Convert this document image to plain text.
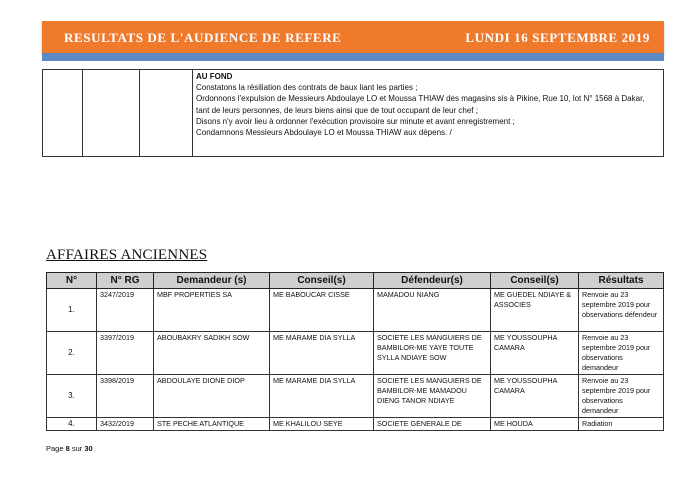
RESULTATS DE L'AUDIENCE DE REFERE	LUNDI 16 SEPTEMBRE 2019

AU FOND
Constatons la résiliation des contrats de baux liant les parties ;
Ordonnons l'expulsion de Messieurs Abdoulaye LO et Moussa THIAW des magasins sis à Pikine, Rue 10, lot N° 1568 à Dakar, tant de leurs personnes, de leurs biens ainsi que de tout occupant de leur chef ;
Disons n'y avoir lieu à ordonner l'exécution provisoire sur minute et avant enregistrement ;
Condamnons Messieurs Abdoulaye LO et Moussa THIAW aux dépens. /
AFFAIRES ANCIENNES
N°	N° RG	Demandeur (s)	Conseil(s)	Défendeur(s)	Conseil(s)	Résultats
1.	3247/2019	MBF PROPERTIES SA	ME BABOUCAR CISSE	MAMADOU NIANG	ME GUEDEL NDIAYE & ASSOCIES	Renvoie au 23 septembre 2019 pour observations défendeur
2.	3397/2019	ABOUBAKRY SADIKH SOW	ME MARAME DIA SYLLA	SOCIETE LES MANGUIERS DE BAMBILOR-ME YAYE TOUTE SYLLA NDIAYE SOW	ME YOUSSOUPHA CAMARA	Renvoie au 23 septembre 2019 pour observations demandeur
3.	3398/2019	ABDOULAYE DIONE DIOP	ME MARAME DIA SYLLA	SOCIETE LES MANGUIERS DE BAMBILOR-ME MAMADOU DIENG TANOR NDIAYE	ME YOUSSOUPHA CAMARA	Renvoie au 23 septembre 2019 pour observations demandeur
4.	3432/2019	STE PECHE ATLANTIQUE	ME KHALILOU SEYE	SOCIETE GENERALE DE	ME HOUDA	Radiation
Page 8 sur 30
